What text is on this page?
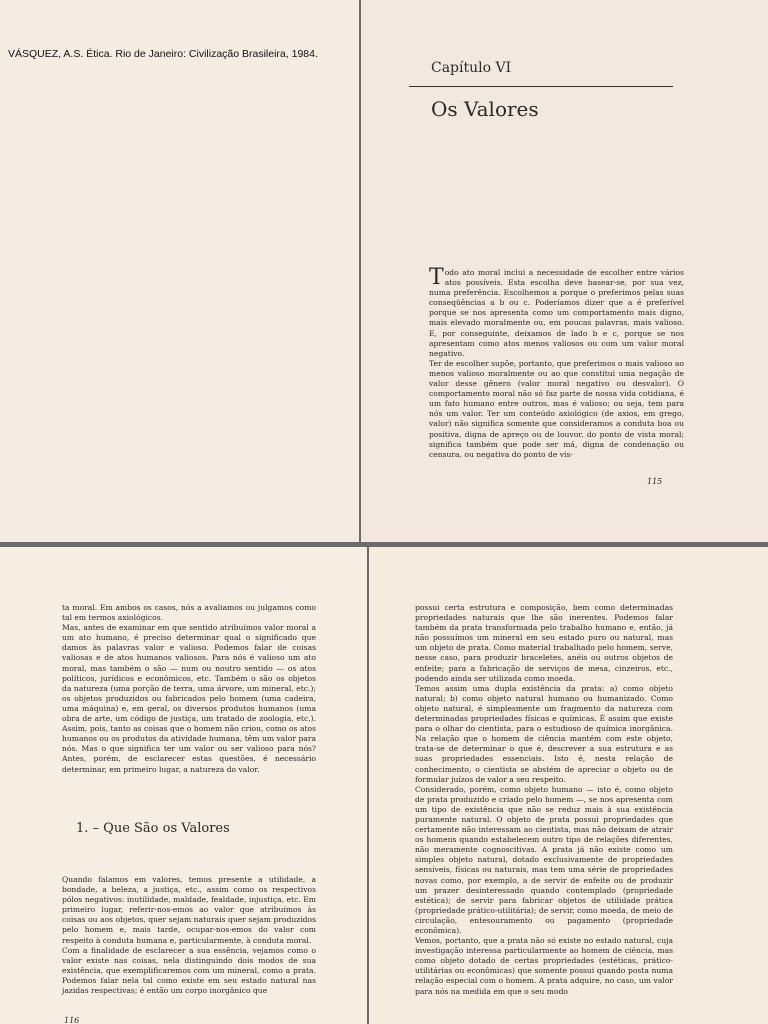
VÁSQUEZ, A.S. Ética. Rio de Janeiro: Civilização Brasileira, 1984.
Capítulo VI
Os Valores
Todo ato moral inclui a necessidade de escolher entre vários atos possíveis. Esta escolha deve basear-se, por sua vez, numa preferência. Escolhemos a porque o preferimos pelas suas conseqüências a b ou c. Poderíamos dizer que a é preferível porque se nos apresenta como um comportamento mais digno, mais elevado moralmente ou, em poucas palavras, mais valioso. E, por conseguinte, deixamos de lado b e c, porque se nos apresentam como atos menos valiosos ou com um valor moral negativo.
Ter de escolher supõe, portanto, que preferimos o mais valioso ao menos valioso moralmente ou ao que constitui uma negação de valor desse gênero (valor moral negativo ou desvalor). O comportamento moral não só faz parte de nossa vida cotidiana, é um fato humano entre outros, mas é valioso; ou seja, tem para nós um valor. Ter um conteúdo axiológico (de axios, em grego, valor) não significa somente que consideramos a conduta boa ou positiva, digna de apreço ou de louvor, do ponto de vista moral; significa também que pode ser má, digna de condenação ou censura, ou negativa do ponto de vis-
115
ta moral. Em ambos os casos, nós a avaliamos ou julgamos como tal em termos axiológicos.
Mas, antes de examinar em que sentido atribuímos valor moral a um ato humano, é preciso determinar qual o significado que damos às palavras valor e valioso. Podemos falar de coisas valiosas e de atos humanos valiosos. Para nós é valioso um ato moral, mas também o são — num ou noutro sentido — os atos políticos, jurídicos e econômicos, etc. Também o são os objetos da natureza (uma porção de terra, uma árvore, um mineral, etc.); os objetos produzidos ou fabricados pelo homem (uma cadeira, uma máquina) e, em geral, os diversos produtos humanos (uma obra de arte, um código de justiça, um tratado de zoologia, etc.). Assim, pois, tanto as coisas que o homem não criou, como os atos humanos ou os produtos da atividade humana, têm um valor para nós. Mas o que significa ter um valor ou ser valioso para nós? Antes, porém, de esclarecer estas questões, é necessário determinar, em primeiro lugar, a natureza do valor.
1. – Que São os Valores
Quando falamos em valores, temos presente a utilidade, a bondade, a beleza, a justiça, etc., assim como os respectivos pólos negativos: inutilidade, maldade, fealdade, injustiça, etc. Em primeiro lugar, referir-nos-emos ao valor que atribuímos às coisas ou aos objetos, quer sejam naturais quer sejam produzidos pelo homem e, mais tarde, ocupar-nos-emos do valor com respeito à conduta humana e, particularmente, à conduta moral.
Com a finalidade de esclarecer a sua essência, vejamos como o valor existe nas coisas, nela distinguindo dois modos de sua existência, que exemplificaremos com um mineral, como a prata. Podemos falar nela tal como existe em seu estado natural nas jazidas respectivas; é então um corpo inorgânico que
116
possui certa estrutura e composição, bem como determinadas propriedades naturais que lhe são inerentes. Podemos falar também da prata transformada pelo trabalho humano e, então, já não possuímos um mineral em seu estado puro ou natural, mas um objeto de prata. Como material trabalhado pelo homem, serve, nesse caso, para produzir braceletes, anéis ou outros objetos de enfeite; para a fabricação de serviços de mesa, cinzeiros, etc., podendo ainda ser utilizada como moeda.
Temos assim uma dupla existência da prata: a) como objeto natural; b) como objeto natural humano ou humanizado. Como objeto natural, é simplesmente um fragmento da natureza com determinadas propriedades físicas e químicas. É assim que existe para o olhar do cientista, para o estudioso de química inorgânica. Na relação que o homem de ciência mantém com este objeto, trata-se de determinar o que é, descrever a sua estrutura e as suas propriedades essenciais. Isto é, nesta relação de conhecimento, o cientista se abstém de apreciar o objeto ou de formular juízos de valor a seu respeito.
Considerado, porém, como objeto humano — isto é, como objeto de prata produzido e criado pelo homem —, se nos apresenta com um tipo de existência que não se reduz mais à sua existência puramente natural. O objeto de prata possui propriedades que certamente não interessam ao cientista, mas não deixam de atrair os homens quando estabelecem outro tipo de relações diferentes, não meramente cognoscitivas. A prata já não existe como um simples objeto natural, dotado exclusivamente de propriedades sensíveis, físicas ou naturais, mas tem uma série de propriedades novas como, por exemplo, a de servir de enfeite ou de produzir um prazer desinteressado quando contemplado (propriedade estética); de servir para fabricar objetos de utilidade prática (propriedade prático-utilitária); de servir, como moeda, de meio de circulação, entesouramento ou pagamento (propriedade econômica).
Vemos, portanto, que a prata não só existe no estado natural, cuja investigação interessa particularmente ao homem de ciência, mas como objeto dotado de certas propriedades (estéticas, prático-utilitárias ou econômicas) que somente possui quando posta numa relação especial com o homem. A prata adquire, no caso, um valor para nós na medida em que o seu modo
